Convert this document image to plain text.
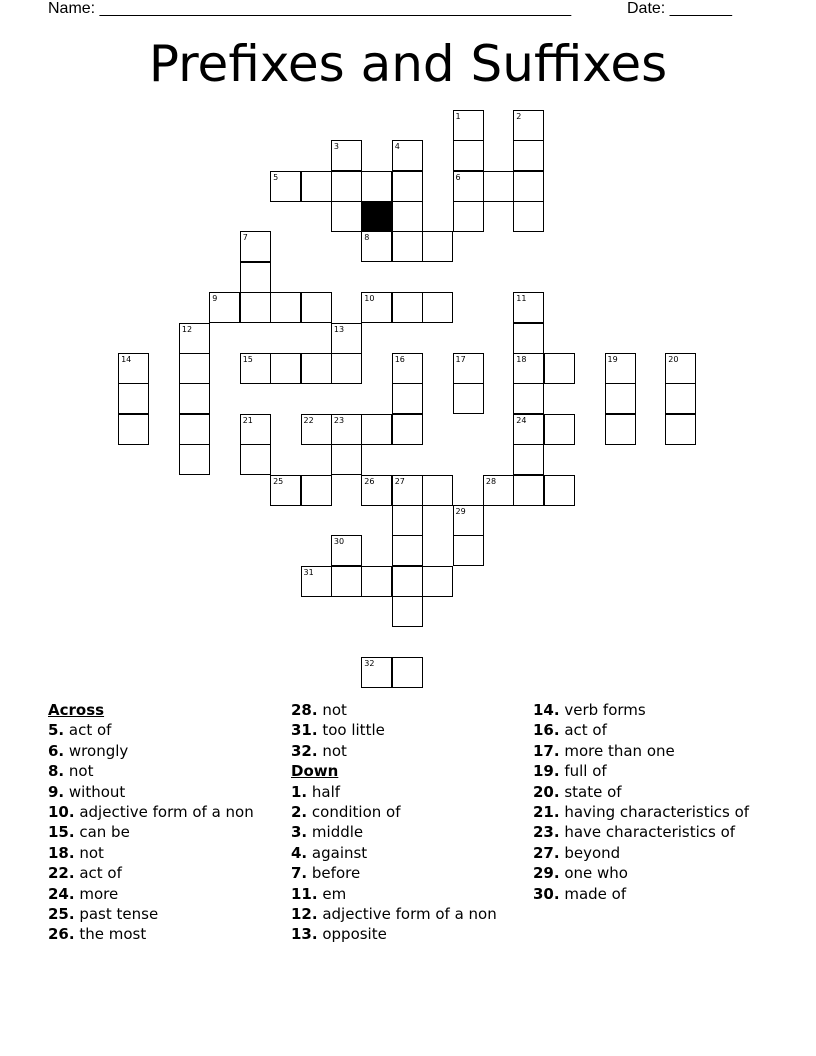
Name: _____________________________________________________	Date: _______
Prefixes and Suffixes
1	2
3	4
5	6
7	8
9	10	11
12	13
14	15	16	17	18	19	20
21	22	23	24
25	26	27	28
29
30
31
32
Across
5. act of
6. wrongly
8. not
9. without
10. adjective form of a non
15. can be
18. not
22. act of
24. more
25. past tense
26. the most
28. not
31. too little
32. not
Down
1. half
2. condition of
3. middle
4. against
7. before
11. em
12. adjective form of a non
13. opposite
14. verb forms
16. act of
17. more than one
19. full of
20. state of
21. having characteristics of
23. have characteristics of
27. beyond
29. one who
30. made of
